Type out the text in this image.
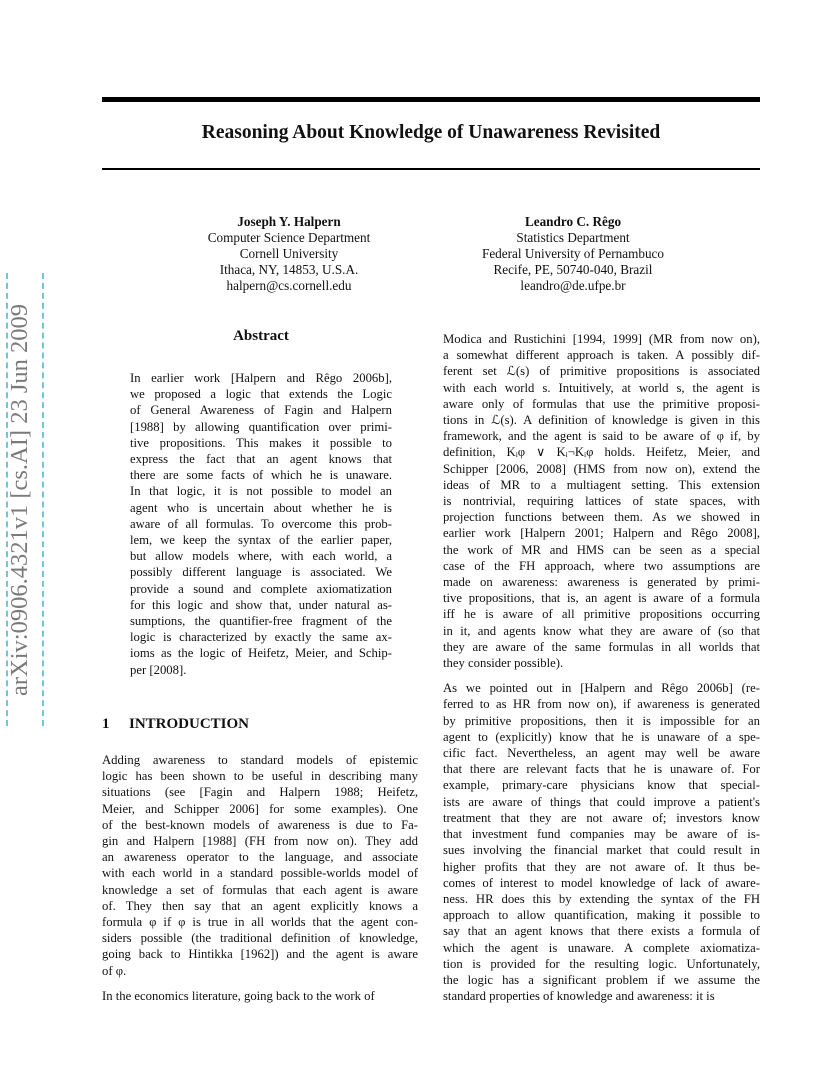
Reasoning About Knowledge of Unawareness Revisited
Joseph Y. Halpern
Computer Science Department
Cornell University
Ithaca, NY, 14853, U.S.A.
halpern@cs.cornell.edu
Leandro C. Rêgo
Statistics Department
Federal University of Pernambuco
Recife, PE, 50740-040, Brazil
leandro@de.ufpe.br
arXiv:0906.4321v1 [cs.AI] 23 Jun 2009	Abstract

In earlier work [Halpern and Rêgo 2006b],
we proposed a logic that extends the Logic
of General Awareness of Fagin and Halpern
[1988] by allowing quantification over primi-
tive propositions. This makes it possible to
express the fact that an agent knows that
there are some facts of which he is unaware.
In that logic, it is not possible to model an
agent who is uncertain about whether he is
aware of all formulas. To overcome this prob-
lem, we keep the syntax of the earlier paper,
but allow models where, with each world, a
possibly different language is associated. We
provide a sound and complete axiomatization
for this logic and show that, under natural as-
sumptions, the quantifier-free fragment of the
logic is characterized by exactly the same ax-
ioms as the logic of Heifetz, Meier, and Schip-
per [2008].

1 INTRODUCTION

Adding awareness to standard models of epistemic
logic has been shown to be useful in describing many
situations (see [Fagin and Halpern 1988; Heifetz,
Meier, and Schipper 2006] for some examples). One
of the best-known models of awareness is due to Fa-
gin and Halpern [1988] (FH from now on). They add
an awareness operator to the language, and associate
with each world in a standard possible-worlds model of
knowledge a set of formulas that each agent is aware
of. They then say that an agent explicitly knows a
formula φ if φ is true in all worlds that the agent con-
siders possible (the traditional definition of knowledge,
going back to Hintikka [1962]) and the agent is aware
of φ.

In the economics literature, going back to the work of

Modica and Rustichini [1994, 1999] (MR from now on),
a somewhat different approach is taken. A possibly dif-
ferent set ℒ(s) of primitive propositions is associated
with each world s. Intuitively, at world s, the agent is
aware only of formulas that use the primitive proposi-
tions in ℒ(s). A definition of knowledge is given in this
framework, and the agent is said to be aware of φ if, by
definition, Kᵢφ ∨ Kᵢ¬Kᵢφ holds. Heifetz, Meier, and
Schipper [2006, 2008] (HMS from now on), extend the
ideas of MR to a multiagent setting. This extension
is nontrivial, requiring lattices of state spaces, with
projection functions between them. As we showed in
earlier work [Halpern 2001; Halpern and Rêgo 2008],
the work of MR and HMS can be seen as a special
case of the FH approach, where two assumptions are
made on awareness: awareness is generated by primi-
tive propositions, that is, an agent is aware of a formula
iff he is aware of all primitive propositions occurring
in it, and agents know what they are aware of (so that
they are aware of the same formulas in all worlds that
they consider possible).

As we pointed out in [Halpern and Rêgo 2006b] (re-
ferred to as HR from now on), if awareness is generated
by primitive propositions, then it is impossible for an
agent to (explicitly) know that he is unaware of a spe-
cific fact. Nevertheless, an agent may well be aware
that there are relevant facts that he is unaware of. For
example, primary-care physicians know that special-
ists are aware of things that could improve a patient's
treatment that they are not aware of; investors know
that investment fund companies may be aware of is-
sues involving the financial market that could result in
higher profits that they are not aware of. It thus be-
comes of interest to model knowledge of lack of aware-
ness. HR does this by extending the syntax of the FH
approach to allow quantification, making it possible to
say that an agent knows that there exists a formula of
which the agent is unaware. A complete axiomatiza-
tion is provided for the resulting logic. Unfortunately,
the logic has a significant problem if we assume the
standard properties of knowledge and awareness: it is
